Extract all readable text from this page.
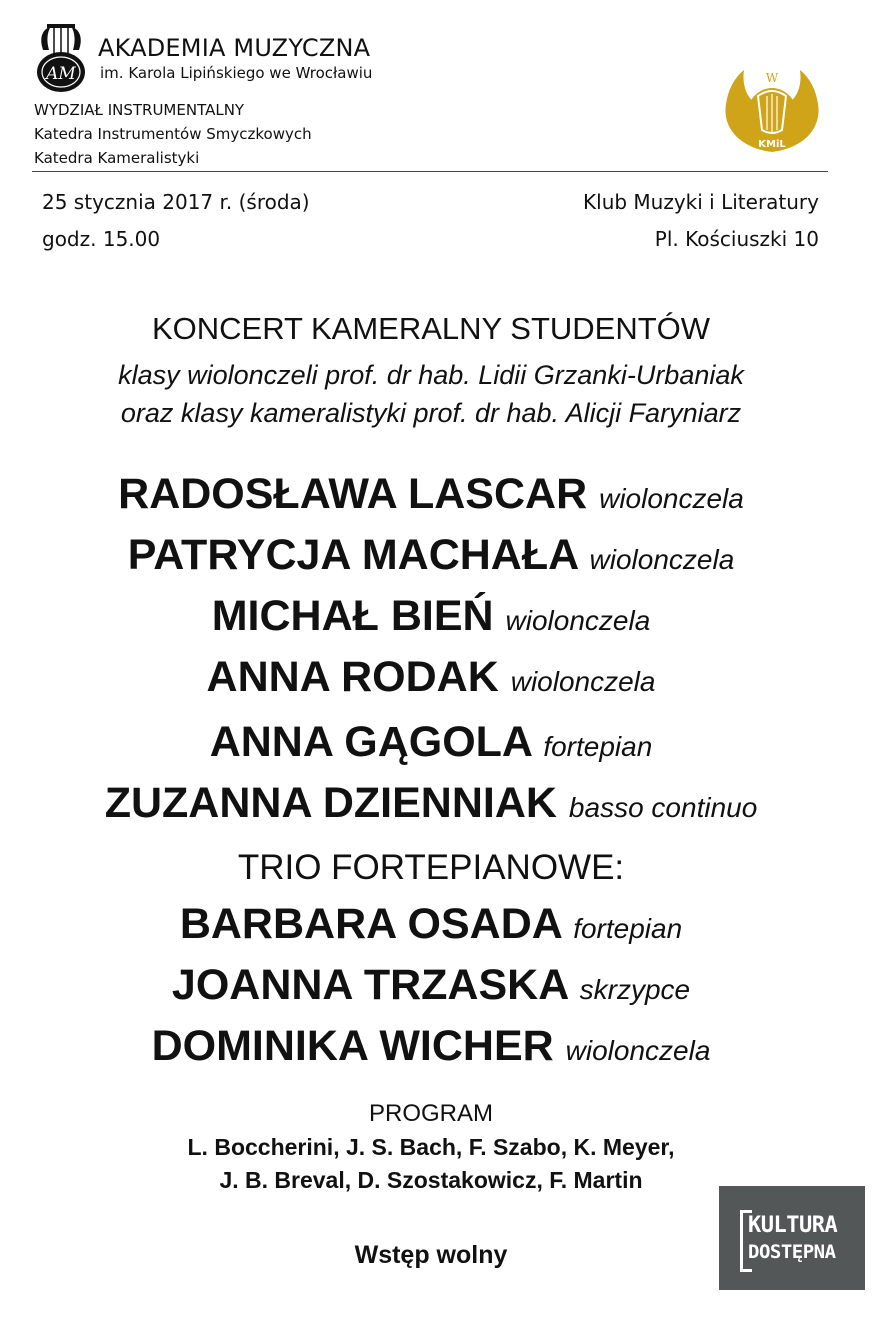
AM
AKADEMIA MUZYCZNA
im. Karola Lipińskiego we Wrocławiu
WYDZIAŁ INSTRUMENTALNY
Katedra Instrumentów Smyczkowych
Katedra Kameralistyki
W
KMiL
25 stycznia 2017 r. (środa)
godz. 15.00
Klub Muzyki i Literatury
Pl. Kościuszki 10
KONCERT KAMERALNY STUDENTÓW
klasy wiolonczeli prof. dr hab. Lidii Grzanki-Urbaniak
oraz klasy kameralistyki prof. dr hab. Alicji Faryniarz
RADOSŁAWA LASCAR wiolonczela
PATRYCJA MACHAŁA wiolonczela
MICHAŁ BIEŃ wiolonczela
ANNA RODAK wiolonczela
ANNA GĄGOLA fortepian
ZUZANNA DZIENNIAK basso continuo
TRIO FORTEPIANOWE:
BARBARA OSADA fortepian
JOANNA TRZASKA skrzypce
DOMINIKA WICHER wiolonczela
PROGRAM
L. Boccherini, J. S. Bach, F. Szabo, K. Meyer,
J. B. Breval, D. Szostakowicz, F. Martin
Wstęp wolny
KULTURA
DOSTĘPNA
